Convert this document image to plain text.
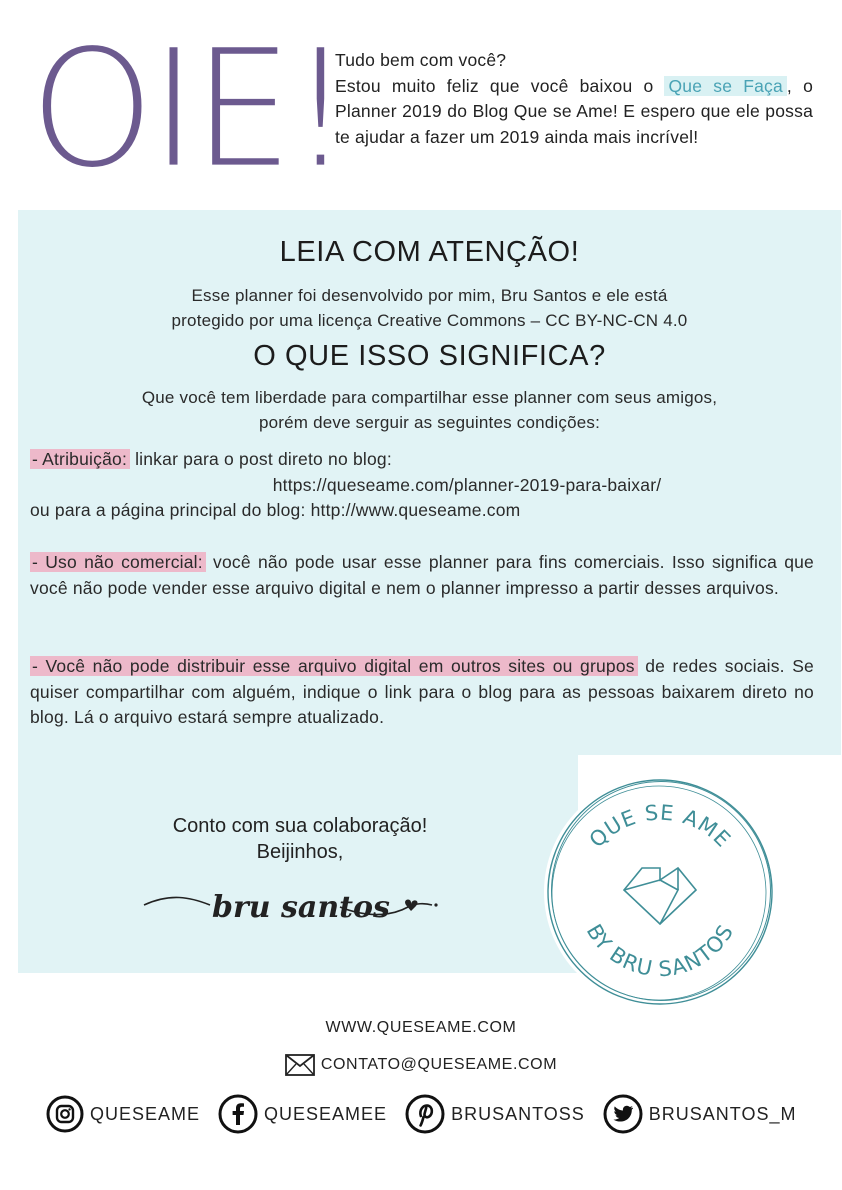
OIE!
Tudo bem com você?
Estou muito feliz que você baixou o Que se Faça , o Planner 2019 do Blog Que se Ame! E espero que ele possa te ajudar a fazer um 2019 ainda mais incrível!
LEIA COM ATENÇÃO!
Esse planner foi desenvolvido por mim, Bru Santos e ele está
protegido por uma licença Creative Commons – CC BY-NC-CN 4.0
O QUE ISSO SIGNIFICA?
Que você tem liberdade para compartilhar esse planner com seus amigos,
porém deve serguir as seguintes condições:
- Atribuição: linkar para o post direto no blog:
https://queseame.com/planner-2019-para-baixar/
ou para a página principal do blog: http://www.queseame.com
- Uso não comercial: você não pode usar esse planner para fins comerciais. Isso significa que você não pode vender esse arquivo digital e nem o planner impresso a partir desses arquivos.
- Você não pode distribuir esse arquivo digital em outros sites ou grupos de redes sociais. Se quiser compartilhar com alguém, indique o link para o blog para as pessoas baixarem direto no blog. Lá o arquivo estará sempre atualizado.
Conto com sua colaboração!
Beijinhos,
bru santos
QUE SE AME
BY BRU SANTOS
WWW.QUESEAME.COM
CONTATO@QUESEAME.COM
QUESEAME	QUESEAMEE	BRUSANTOSS	BRUSANTOS_M
